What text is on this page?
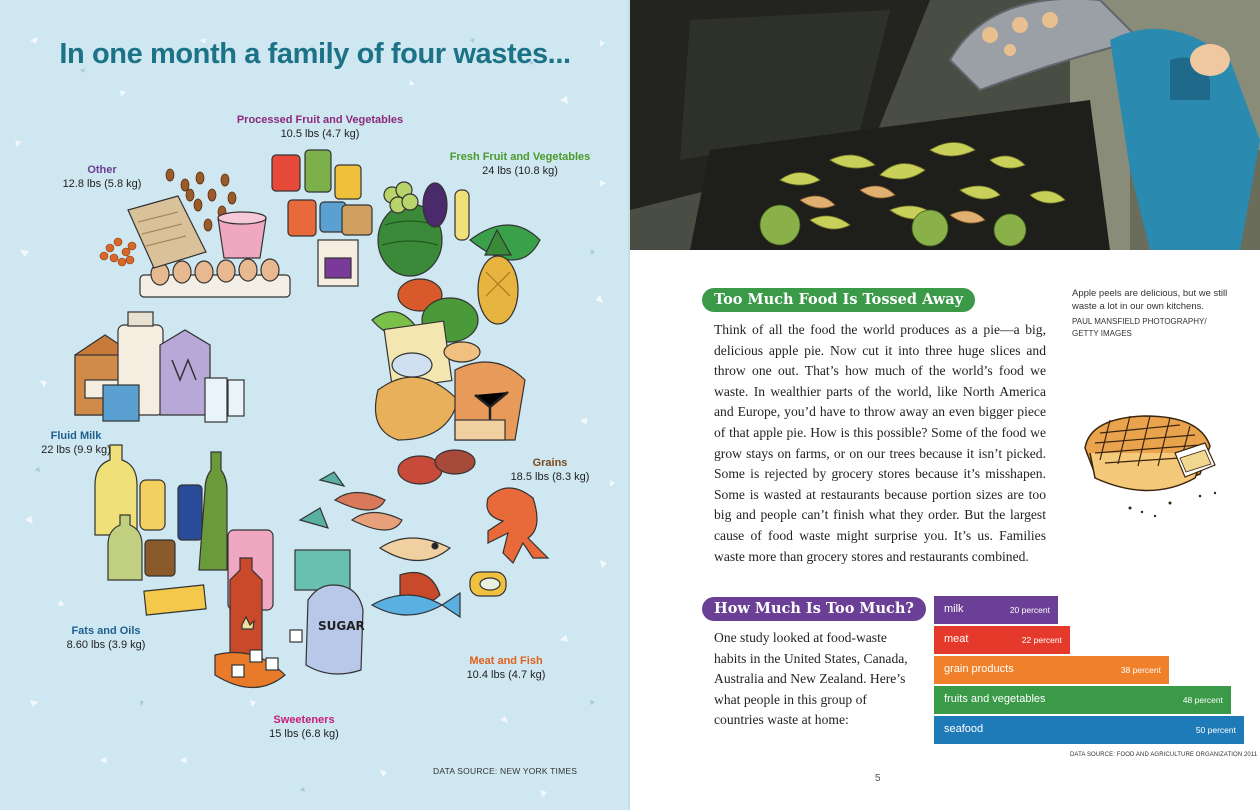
In one month a family of four wastes...
SUGAR
Processed Fruit and Vegetables
10.5 lbs (4.7 kg)
Fresh Fruit and Vegetables
24 lbs (10.8 kg)
Other
12.8 lbs (5.8 kg)
Fluid Milk
22 lbs (9.9 kg)
Grains
18.5 lbs (8.3 kg)
Fats and Oils
8.60 lbs (3.9 kg)
Meat and Fish
10.4 lbs (4.7 kg)
Sweeteners
15 lbs (6.8 kg)
DATA SOURCE: NEW YORK TIMES
Too Much Food Is Tossed Away

Think of all the food the world produces as a pie—a big, delicious apple pie. Now cut it into three huge slices and throw one out. That’s how much of the world’s food we waste. In wealthier parts of the world, like North America and Europe, you’d have to throw away an even bigger piece of that apple pie. How is this possible? Some of the food we grow stays on farms, or on our trees because it isn’t picked. Some is rejected by grocery stores because it’s misshapen. Some is wasted at restaurants because portion sizes are too big and people can’t finish what they order. But the largest cause of food waste might surprise you. It’s us. Families waste more than grocery stores and restaurants combined.

Apple peels are delicious, but we still waste a lot in our own kitchens.
PAUL MANSFIELD PHOTOGRAPHY/ GETTY IMAGES
How Much Is Too Much?

One study looked at food-waste habits in the United States, Canada, Australia and New Zealand. Here’s what people in this group of countries waste at home:

milk	20 percent
meat	22 percent
grain products	38 percent
fruits and vegetables	48 percent
seafood	50 percent
DATA SOURCE: FOOD AND AGRICULTURE ORGANIZATION 2011
5
